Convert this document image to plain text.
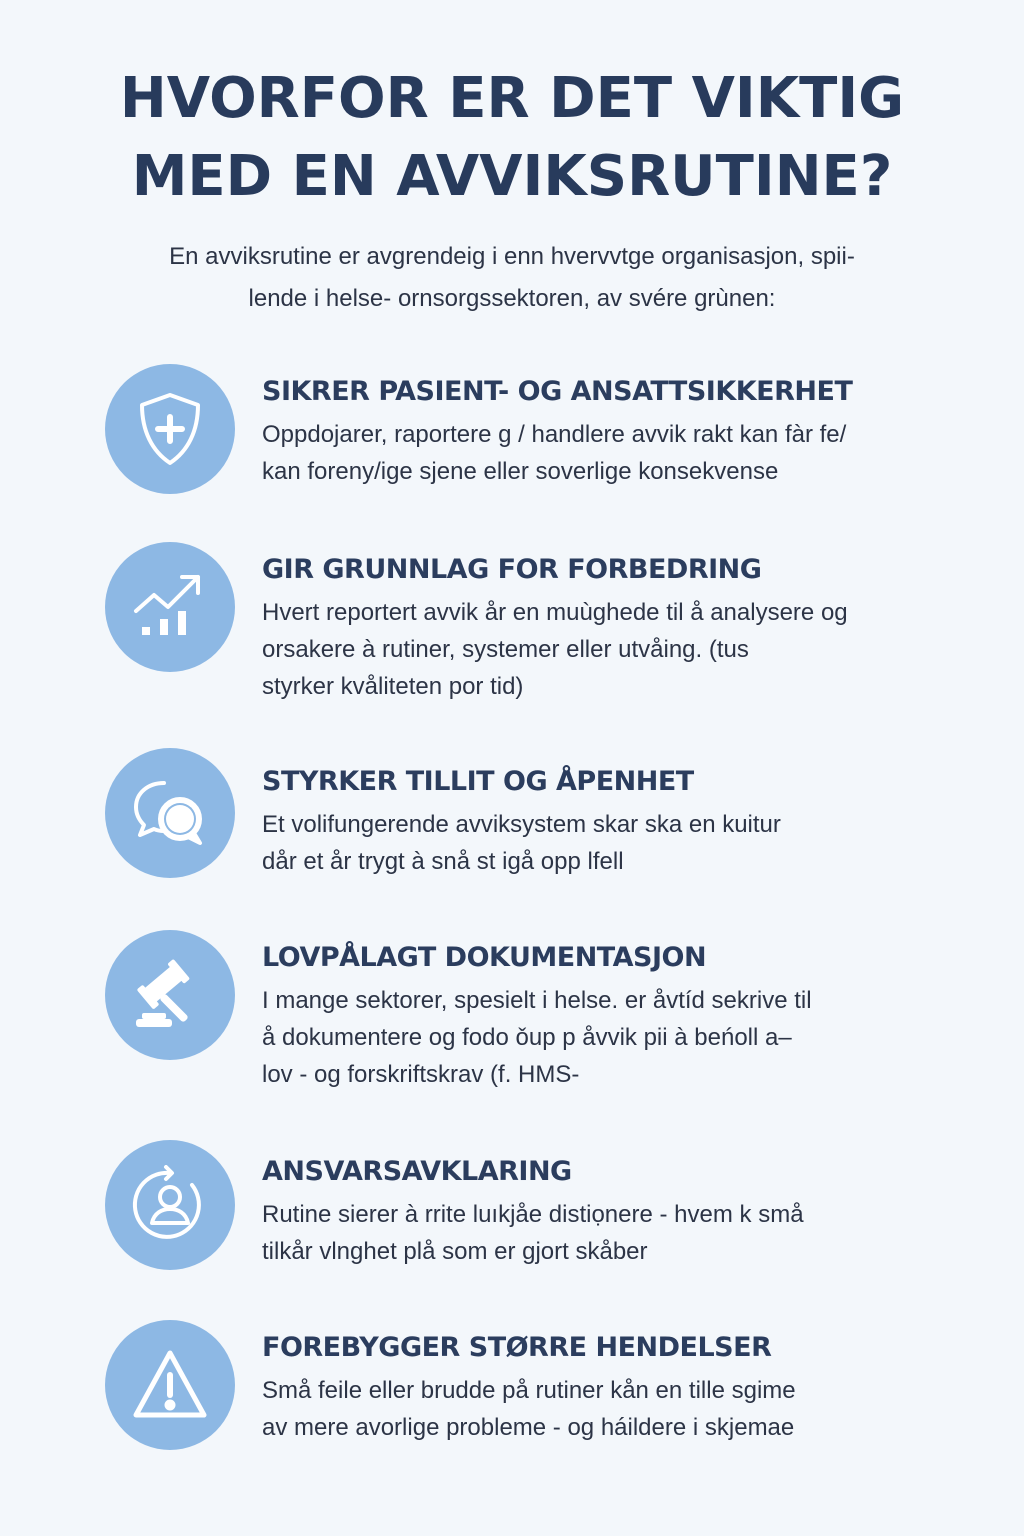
HVORFOR ER DET VIKTIG
MED EN AVVIKSRUTINE?
En avviksrutine er avgrendeig i enn hvervvtge organisasjon, spii-
lende i helse- ornsorgssektoren, av svére grùnen:
SIKRER PASIENT- OG ANSATTSIKKERHET
Oppdojarer, raportere g / handlere avvik rakt kan fàr fe/
kan foreny/ige sjene eller soverlige konsekvense
GIR GRUNNLAG FOR FORBEDRING
Hvert reportert avvik år en muùghede til å analysere og
orsakere à rutiner, systemer eller utvåing. (tus
styrker kvåliteten por tid)
STYRKER TILLIT OG ÅPENHET
Et volifungerende avviksystem skar ska en kuitur
dår et år trygt à snå st igå opp lfell
LOVPÅLAGT DOKUMENTASJON
I mange sektorer, spesielt i helse. er åvtíd sekrive til
å dokumentere og fodo ǒup p åvvik pii à beńoll a–
lov - og forskriftskrav (f. HMS-
ANSVARSAVKLARING
Rutine sierer à rrite luıkjåe distiọnere - hvem k små
tilkår vlnghet plå som er gjort skåber
FOREBYGGER STØRRE HENDELSER
Små feile eller brudde på rutiner kån en tille sgime
av mere avorlige probleme - og háildere i skjemae
